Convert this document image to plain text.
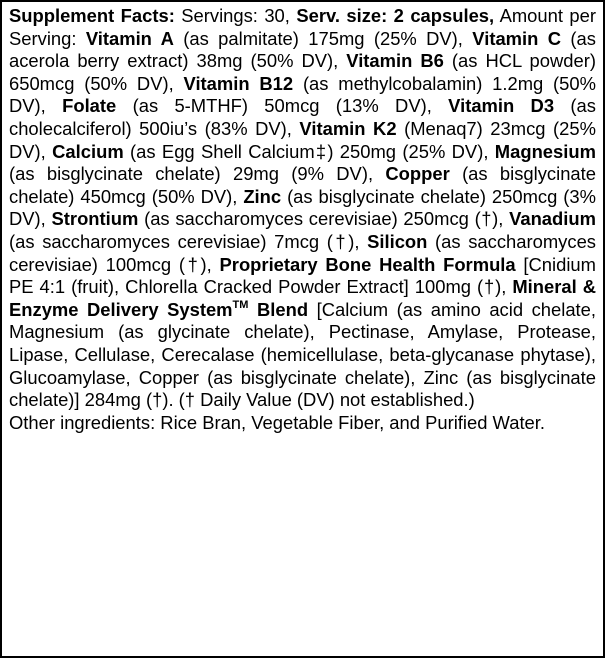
Supplement Facts: Servings: 30, Serv. size: 2 capsules, Amount per Serving: Vitamin A (as palmitate) 175mg (25% DV), Vitamin C (as acerola berry extract) 38mg (50% DV), Vitamin B6 (as HCL powder) 650mcg (50% DV), Vitamin B12 (as methylcobalamin) 1.2mg (50% DV), Folate (as 5-MTHF) 50mcg (13% DV), Vitamin D3 (as cholecalciferol) 500iu’s (83% DV), Vitamin K2 (Menaq7) 23mcg (25% DV), Calcium (as Egg Shell Calcium‡) 250mg (25% DV), Magnesium (as bisglycinate chelate) 29mg (9% DV), Copper (as bisglycinate chelate) 450mcg (50% DV), Zinc (as bisglycinate chelate) 250mcg (3% DV), Strontium (as saccharomyces cerevisiae) 250mcg (†), Vanadium (as saccharomyces cerevisiae) 7mcg (†), Silicon (as saccharomyces cerevisiae) 100mcg (†), Proprietary Bone Health Formula [Cnidium PE 4:1 (fruit), Chlorella Cracked Powder Extract] 100mg (†), Mineral & Enzyme Delivery System™ Blend [Calcium (as amino acid chelate, Magnesium (as glycinate chelate), Pectinase, Amylase, Protease, Lipase, Cellulase, Cerecalase (hemicellulase, beta-glycanase phytase), Glucoamylase, Copper (as bisglycinate chelate), Zinc (as bisglycinate chelate)] 284mg (†). († Daily Value (DV) not established.)

Other ingredients: Rice Bran, Vegetable Fiber, and Purified Water.
